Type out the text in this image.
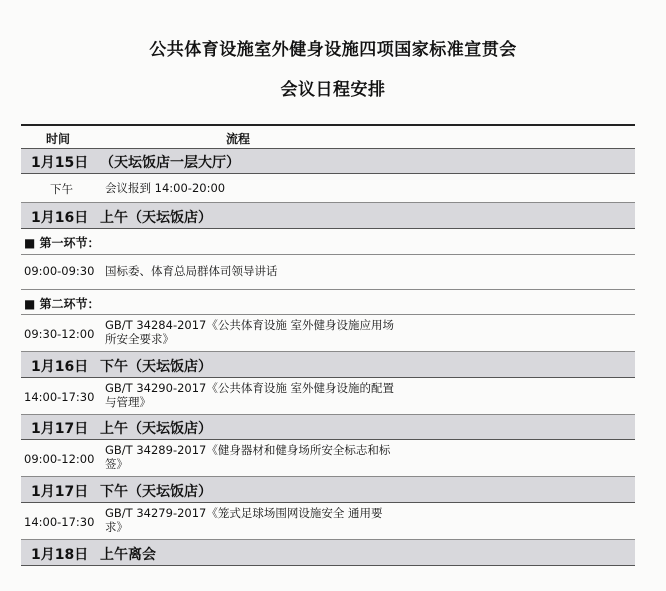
公共体育设施室外健身设施四项国家标准宣贯会
会议日程安排
时间	流程
1月15日 （天坛饭店一层大厅）
下午	会议报到 14:00-20:00
1月16日 上午（天坛饭店）
■ 第一环节：
09:00-09:30 国标委、体育总局群体司领导讲话
■ 第二环节：
09:30-12:00
GB/T 34284-2017《公共体育设施 室外健身设施应用场所安全要求》
1月16日 下午（天坛饭店）
14:00-17:30
GB/T 34290-2017《公共体育设施 室外健身设施的配置与管理》
1月17日 上午（天坛饭店）
09:00-12:00
GB/T 34289-2017《健身器材和健身场所安全标志和标签》
1月17日 下午（天坛饭店）
14:00-17:30
GB/T 34279-2017《笼式足球场围网设施安全 通用要求》
1月18日 上午离会
